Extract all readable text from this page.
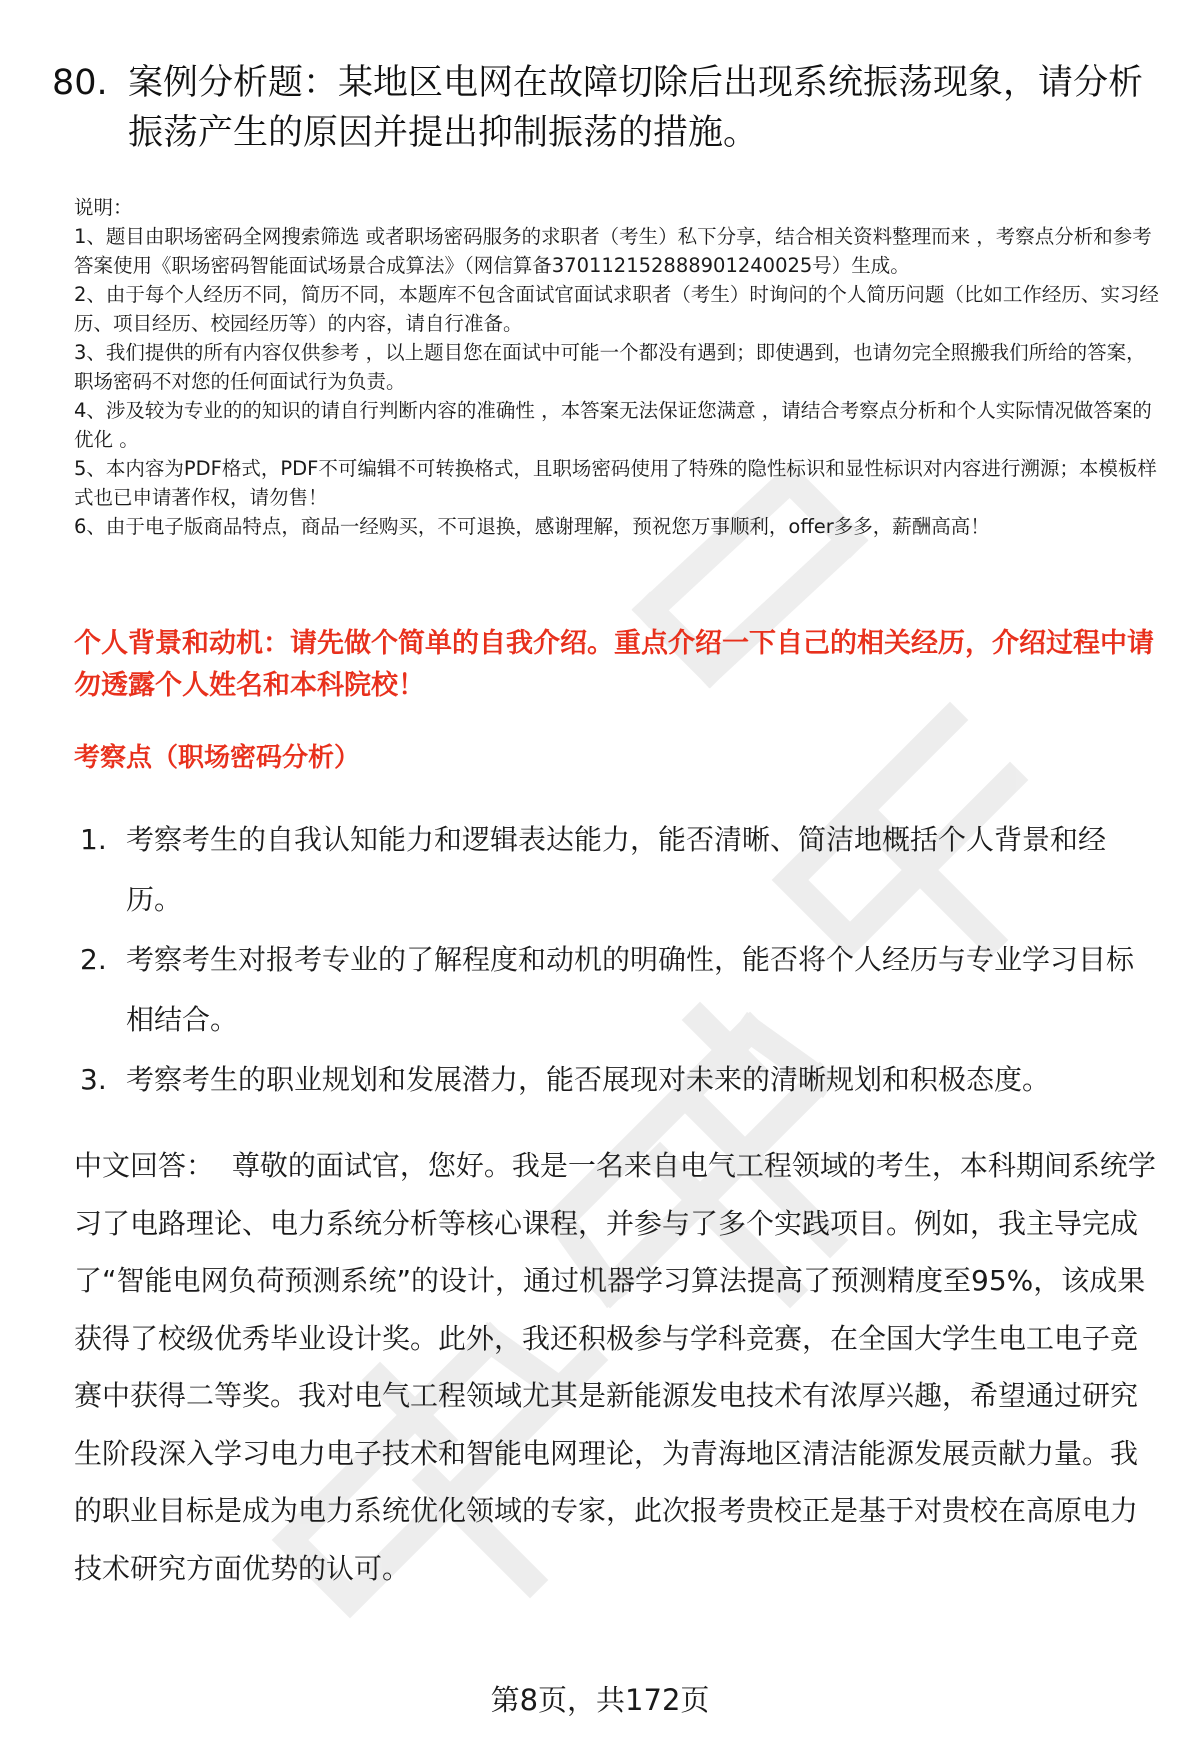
80. 案例分析题：某地区电网在故障切除后出现系统振荡现象，请分析振荡产生的原因并提出抑制振荡的措施。

说明：

1、题目由职场密码全网搜索筛选 或者职场密码服务的求职者（考生）私下分享，结合相关资料整理而来 ，考察点分析和参考答案使用《职场密码智能面试场景合成算法》（网信算备370112152888901240025号）生成。

2、由于每个人经历不同，简历不同，本题库不包含面试官面试求职者（考生）时询问的个人简历问题（比如工作经历、实习经历、项目经历、校园经历等）的内容，请自行准备。

3、我们提供的所有内容仅供参考 ，以上题目您在面试中可能一个都没有遇到；即使遇到，也请勿完全照搬我们所给的答案，职场密码不对您的任何面试行为负责。

4、涉及较为专业的的知识的请自行判断内容的准确性 ，本答案无法保证您满意 ，请结合考察点分析和个人实际情况做答案的优化 。

5、本内容为PDF格式，PDF不可编辑不可转换格式，且职场密码使用了特殊的隐性标识和显性标识对内容进行溯源；本模板样式也已申请著作权，请勿售！

6、由于电子版商品特点，商品一经购买，不可退换，感谢理解，预祝您万事顺利，offer多多，薪酬高高！

个人背景和动机：请先做个简单的自我介绍。重点介绍一下自己的相关经历，介绍过程中请勿透露个人姓名和本科院校！
考察点（职场密码分析）
1. 考察考生的自我认知能力和逻辑表达能力，能否清晰、简洁地概括个人背景和经历。
2. 考察考生对报考专业的了解程度和动机的明确性，能否将个人经历与专业学习目标相结合。
3. 考察考生的职业规划和发展潜力，能否展现对未来的清晰规划和积极态度。

中文回答： 尊敬的面试官，您好。我是一名来自电气工程领域的考生，本科期间系统学习了电路理论、电力系统分析等核心课程，并参与了多个实践项目。例如，我主导完成了“智能电网负荷预测系统”的设计，通过机器学习算法提高了预测精度至95%，该成果获得了校级优秀毕业设计奖。此外，我还积极参与学科竞赛，在全国大学生电工电子竞赛中获得二等奖。我对电气工程领域尤其是新能源发电技术有浓厚兴趣，希望通过研究生阶段深入学习电力电子技术和智能电网理论，为青海地区清洁能源发展贡献力量。我的职业目标是成为电力系统优化领域的专家，此次报考贵校正是基于对贵校在高原电力技术研究方面优势的认可。

第8页，共172页
